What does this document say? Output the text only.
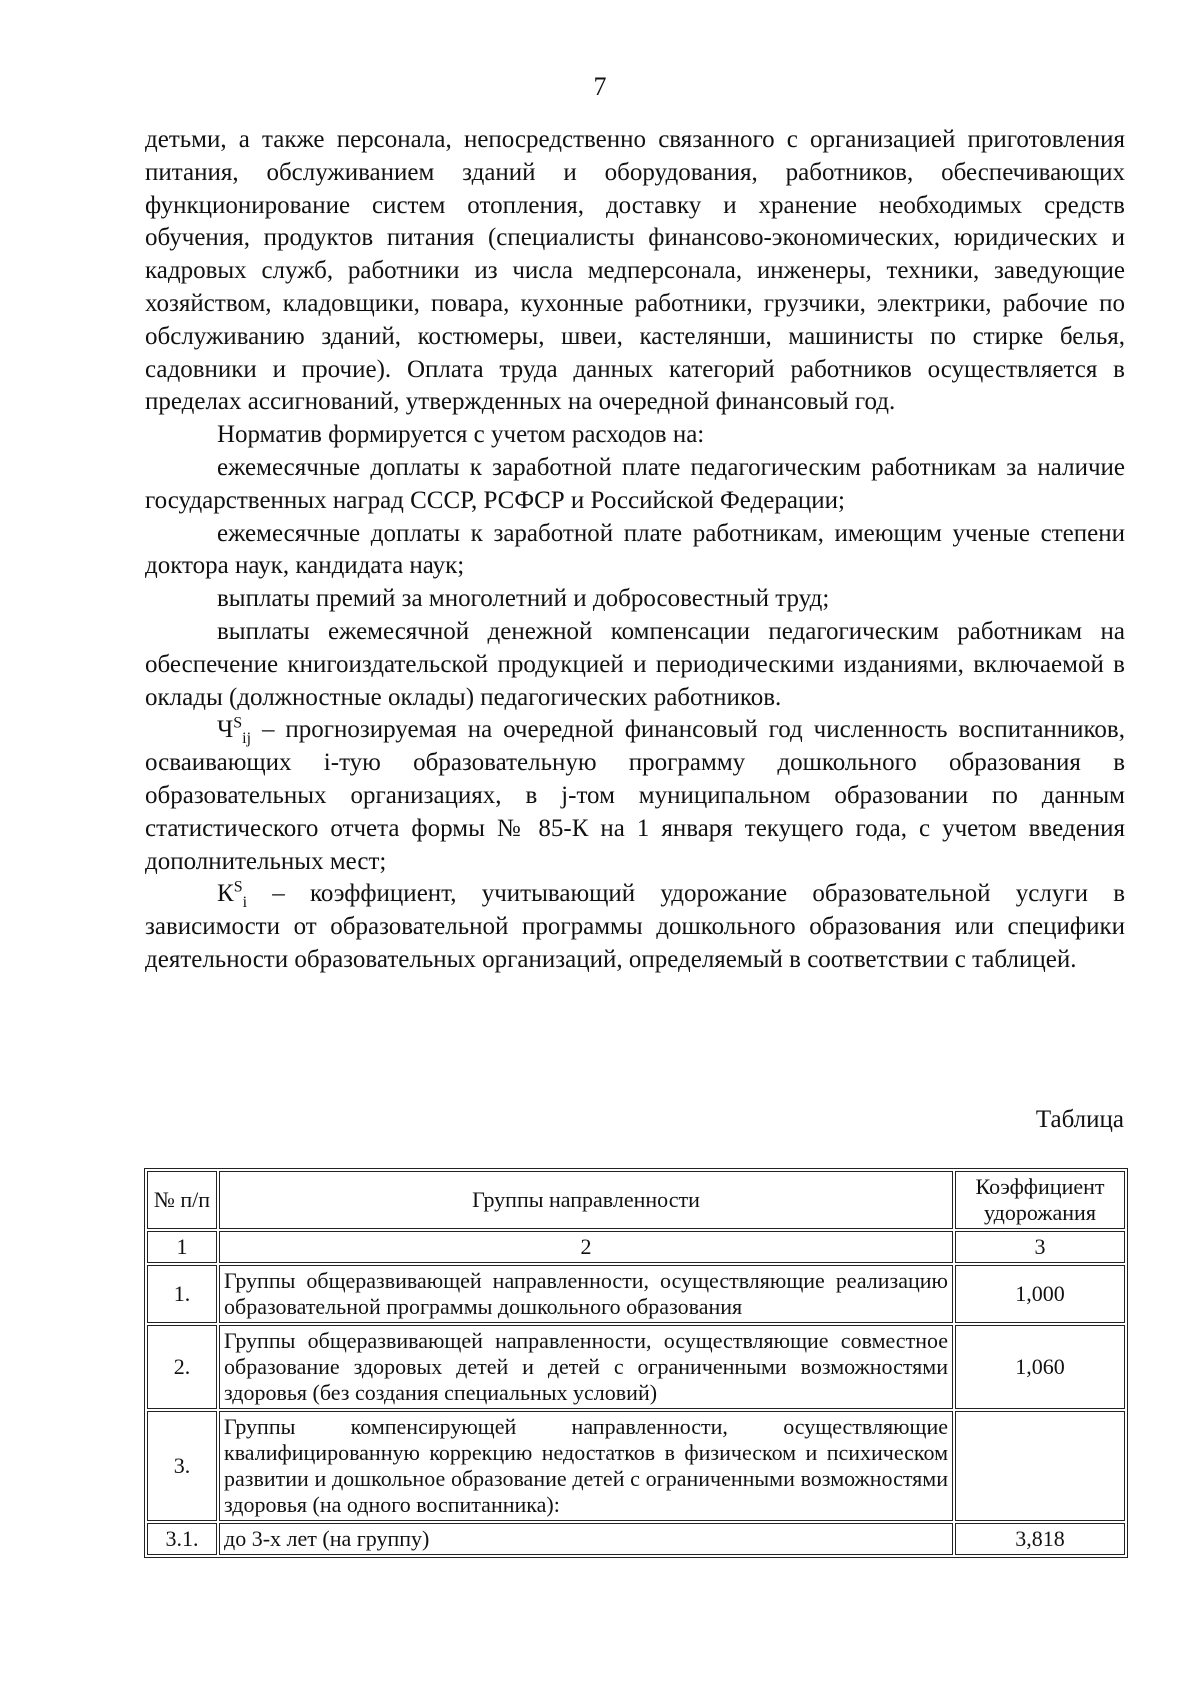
7

детьми, а также персонала, непосредственно связанного с организацией приготовления питания, обслуживанием зданий и оборудования, работников, обеспечивающих функционирование систем отопления, доставку и хранение необходимых средств обучения, продуктов питания (специалисты финансово-экономических, юридических и кадровых служб, работники из числа медперсонала, инженеры, техники, заведующие хозяйством, кладовщики, повара, кухонные работники, грузчики, электрики, рабочие по обслуживанию зданий, костюмеры, швеи, кастелянши, машинисты по стирке белья, садовники и прочие). Оплата труда данных категорий работников осуществляется в пределах ассигнований, утвержденных на очередной финансовый год.

Норматив формируется с учетом расходов на:

ежемесячные доплаты к заработной плате педагогическим работникам за наличие государственных наград СССР, РСФСР и Российской Федерации;

ежемесячные доплаты к заработной плате работникам, имеющим ученые степени доктора наук, кандидата наук;

выплаты премий за многолетний и добросовестный труд;

выплаты ежемесячной денежной компенсации педагогическим работникам на обеспечение книгоиздательской продукцией и периодическими изданиями, включаемой в оклады (должностные оклады) педагогических работников.

$Ч^S_{ij}$ – прогнозируемая на очередной финансовый год численность воспитанников, осваивающих i-тую образовательную программу дошкольного образования в образовательных организациях, в j-том муниципальном образовании по данным статистического отчета формы № 85-К на 1 января текущего года, с учетом введения дополнительных мест;

$К^S_i$ – коэффициент, учитывающий удорожание образовательной услуги в зависимости от образовательной программы дошкольного образования или специфики деятельности образовательных организаций, определяемый в соответствии с таблицей.

Таблица
№ п/п	Группы направленности	Коэффициент удорожания
1	2	3
1.	Группы общеразвивающей направленности, осуществляющие реализацию образовательной программы дошкольного образования	1,000
2.	Группы общеразвивающей направленности, осуществляющие совместное образование здоровых детей и детей с ограниченными возможностями здоровья (без создания специальных условий)	1,060
3.	Группы компенсирующей направленности, осуществляющие квалифицированную коррекцию недостатков в физическом и психическом развитии и дошкольное образование детей с ограниченными возможностями здоровья (на одного воспитанника):	
3.1.	до 3-х лет (на группу)	3,818
